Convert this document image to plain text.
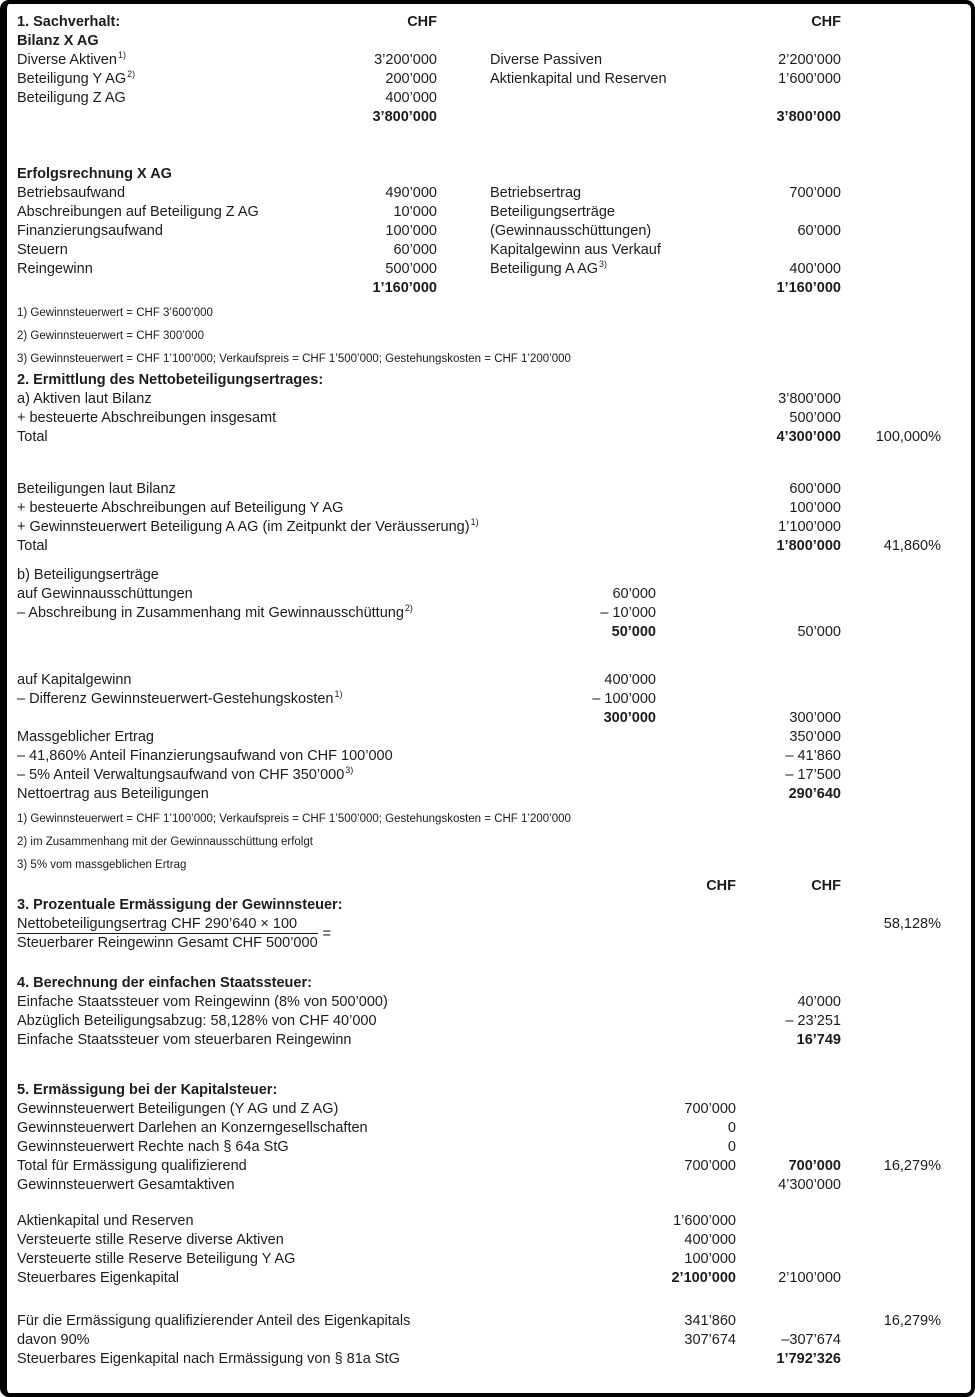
1. Sachverhalt:	CHF	CHF
Bilanz X AG
Diverse Aktiven$^{1)}$	3’200’000	Diverse Passiven	2’200’000
Beteiligung Y AG$^{2)}$	200’000	Aktienkapital und Reserven	1’600’000
Beteiligung Z AG	400’000
3’800’000	3’800’000
Erfolgsrechnung X AG
Betriebsaufwand	490’000	Betriebsertrag	700’000
Abschreibungen auf Beteiligung Z AG	10’000	Beteiligungserträge
Finanzierungsaufwand	100’000	(Gewinnausschüttungen)	60’000
Steuern	60’000	Kapitalgewinn aus Verkauf
Reingewinn	500’000	Beteiligung A AG$^{3)}$	400’000
1’160’000	1’160’000
1) Gewinnsteuerwert = CHF 3’600’000
2) Gewinnsteuerwert = CHF 300’000
3) Gewinnsteuerwert = CHF 1’100’000; Verkaufspreis = CHF 1’500’000; Gestehungskosten = CHF 1’200’000
2. Ermittlung des Nettobeteiligungsertrages:
a) Aktiven laut Bilanz	3’800’000
+ besteuerte Abschreibungen insgesamt	500’000
Total	4’300’000	100,000%
Beteiligungen laut Bilanz	600’000
+ besteuerte Abschreibungen auf Beteiligung Y AG	100’000
+ Gewinnsteuerwert Beteiligung A AG (im Zeitpunkt der Veräusserung)$^{1)}$	1’100’000
Total	1’800’000	41,860%
b) Beteiligungserträge
auf Gewinnausschüttungen	60’000
– Abschreibung in Zusammenhang mit Gewinnausschüttung$^{2)}$	– 10’000
50’000	50’000
auf Kapitalgewinn	400’000
– Differenz Gewinnsteuerwert-Gestehungskosten$^{1)}$	– 100’000
300’000	300’000
Massgeblicher Ertrag	350’000
– 41,860% Anteil Finanzierungsaufwand von CHF 100’000	– 41’860
– 5% Anteil Verwaltungsaufwand von CHF 350’000$^{3)}$	– 17’500
Nettoertrag aus Beteiligungen	290’640
1) Gewinnsteuerwert = CHF 1’100’000; Verkaufspreis = CHF 1’500’000; Gestehungskosten = CHF 1’200’000
2) im Zusammenhang mit der Gewinnausschüttung erfolgt
3) 5% vom massgeblichen Ertrag
CHF	CHF
3. Prozentuale Ermässigung der Gewinnsteuer:
$\frac{\text{Nettobeteiligungsertrag CHF 290’640 × 100}}{\text{Steuerbarer Reingewinn Gesamt CHF 500’000}}$ =
58,128%
4. Berechnung der einfachen Staatssteuer:
Einfache Staatssteuer vom Reingewinn (8% von 500’000)	40’000
Abzüglich Beteiligungsabzug: 58,128% von CHF 40’000	– 23’251
Einfache Staatssteuer vom steuerbaren Reingewinn	16’749
5. Ermässigung bei der Kapitalsteuer:
Gewinnsteuerwert Beteiligungen (Y AG und Z AG)	700’000
Gewinnsteuerwert Darlehen an Konzerngesellschaften	0
Gewinnsteuerwert Rechte nach § 64a StG	0
Total für Ermässigung qualifizierend	700’000	700’000	16,279%
Gewinnsteuerwert Gesamtaktiven	4’300’000
Aktienkapital und Reserven	1’600’000
Versteuerte stille Reserve diverse Aktiven	400’000
Versteuerte stille Reserve Beteiligung Y AG	100’000
Steuerbares Eigenkapital	2’100’000	2’100’000
Für die Ermässigung qualifizierender Anteil des Eigenkapitals	341’860	16,279%
davon 90%	307’674	–307’674
Steuerbares Eigenkapital nach Ermässigung von § 81a StG	1’792’326
